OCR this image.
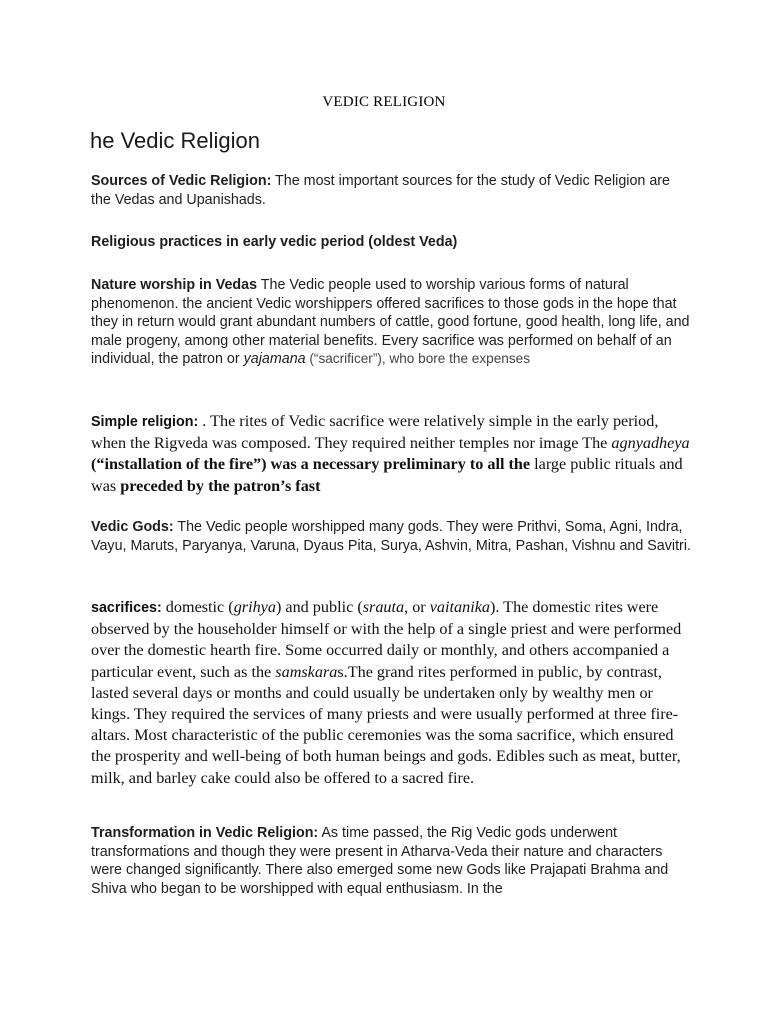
VEDIC RELIGION
he Vedic Religion
Sources of Vedic Religion: The most important sources for the study of Vedic Religion are the Vedas and Upanishads.
Religious practices in early vedic period (oldest Veda)
Nature worship in Vedas The Vedic people used to worship various forms of natural phenomenon. the ancient Vedic worshippers offered sacrifices to those gods in the hope that they in return would grant abundant numbers of cattle, good fortune, good health, long life, and male progeny, among other material benefits. Every sacrifice was performed on behalf of an individual, the patron or yajamana (“sacrificer”), who bore the expenses
Simple religion: . The rites of Vedic sacrifice were relatively simple in the early period, when the Rigveda was composed. They required neither temples nor image The agnyadheya (“installation of the fire”) was a necessary preliminary to all the large public rituals and was preceded by the patron’s fast
Vedic Gods: The Vedic people worshipped many gods. They were Prithvi, Soma, Agni, Indra, Vayu, Maruts, Paryanya, Varuna, Dyaus Pita, Surya, Ashvin, Mitra, Pashan, Vishnu and Savitri.
sacrifices: domestic (grihya) and public (srauta, or vaitanika). The domestic rites were observed by the householder himself or with the help of a single priest and were performed over the domestic hearth fire. Some occurred daily or monthly, and others accompanied a particular event, such as the samskaras.The grand rites performed in public, by contrast, lasted several days or months and could usually be undertaken only by wealthy men or kings. They required the services of many priests and were usually performed at three fire-altars. Most characteristic of the public ceremonies was the soma sacrifice, which ensured the prosperity and well-being of both human beings and gods. Edibles such as meat, butter, milk, and barley cake could also be offered to a sacred fire.
Transformation in Vedic Religion: As time passed, the Rig Vedic gods underwent transformations and though they were present in Atharva-Veda their nature and characters were changed significantly. There also emerged some new Gods like Prajapati Brahma and Shiva who began to be worshipped with equal enthusiasm. In the
